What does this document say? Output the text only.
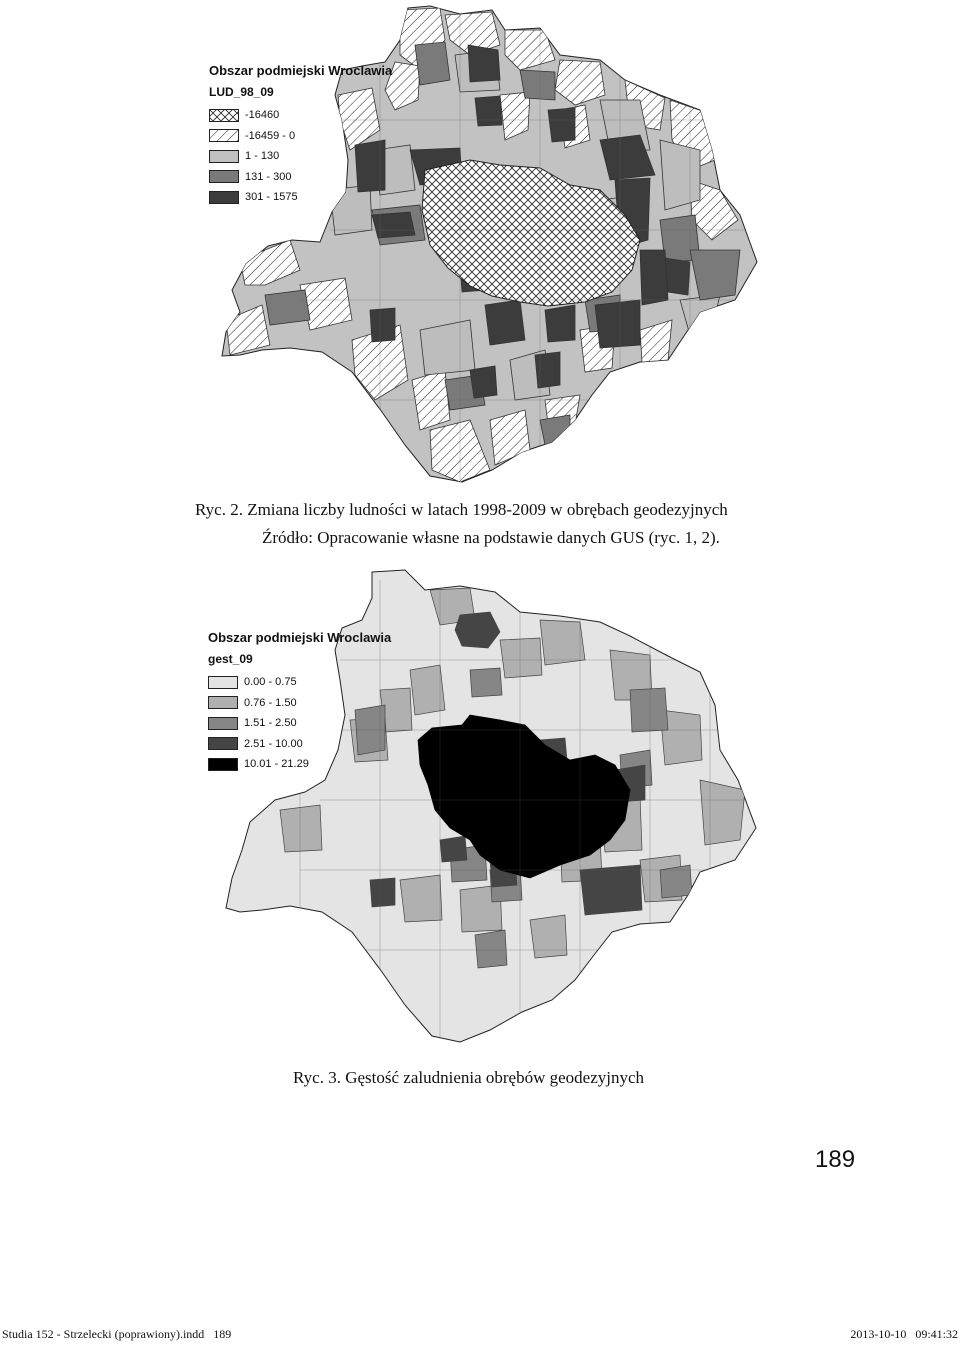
Obszar podmiejski Wroclawia
LUD_98_09
-16460
-16459 - 0
1 - 130
131 - 300
301 - 1575
Ryc. 2. Zmiana liczby ludności w latach 1998-2009 w obrębach geodezyjnych
Źródło: Opracowanie własne na podstawie danych GUS (ryc. 1, 2).
Obszar podmiejski Wroclawia
gest_09
0.00 - 0.75
0.76 - 1.50
1.51 - 2.50
2.51 - 10.00
10.01 - 21.29
Ryc. 3. Gęstość zaludnienia obrębów geodezyjnych
189
Studia 152 - Strzelecki (poprawiony).indd   189	2013-10-10   09:41:32
